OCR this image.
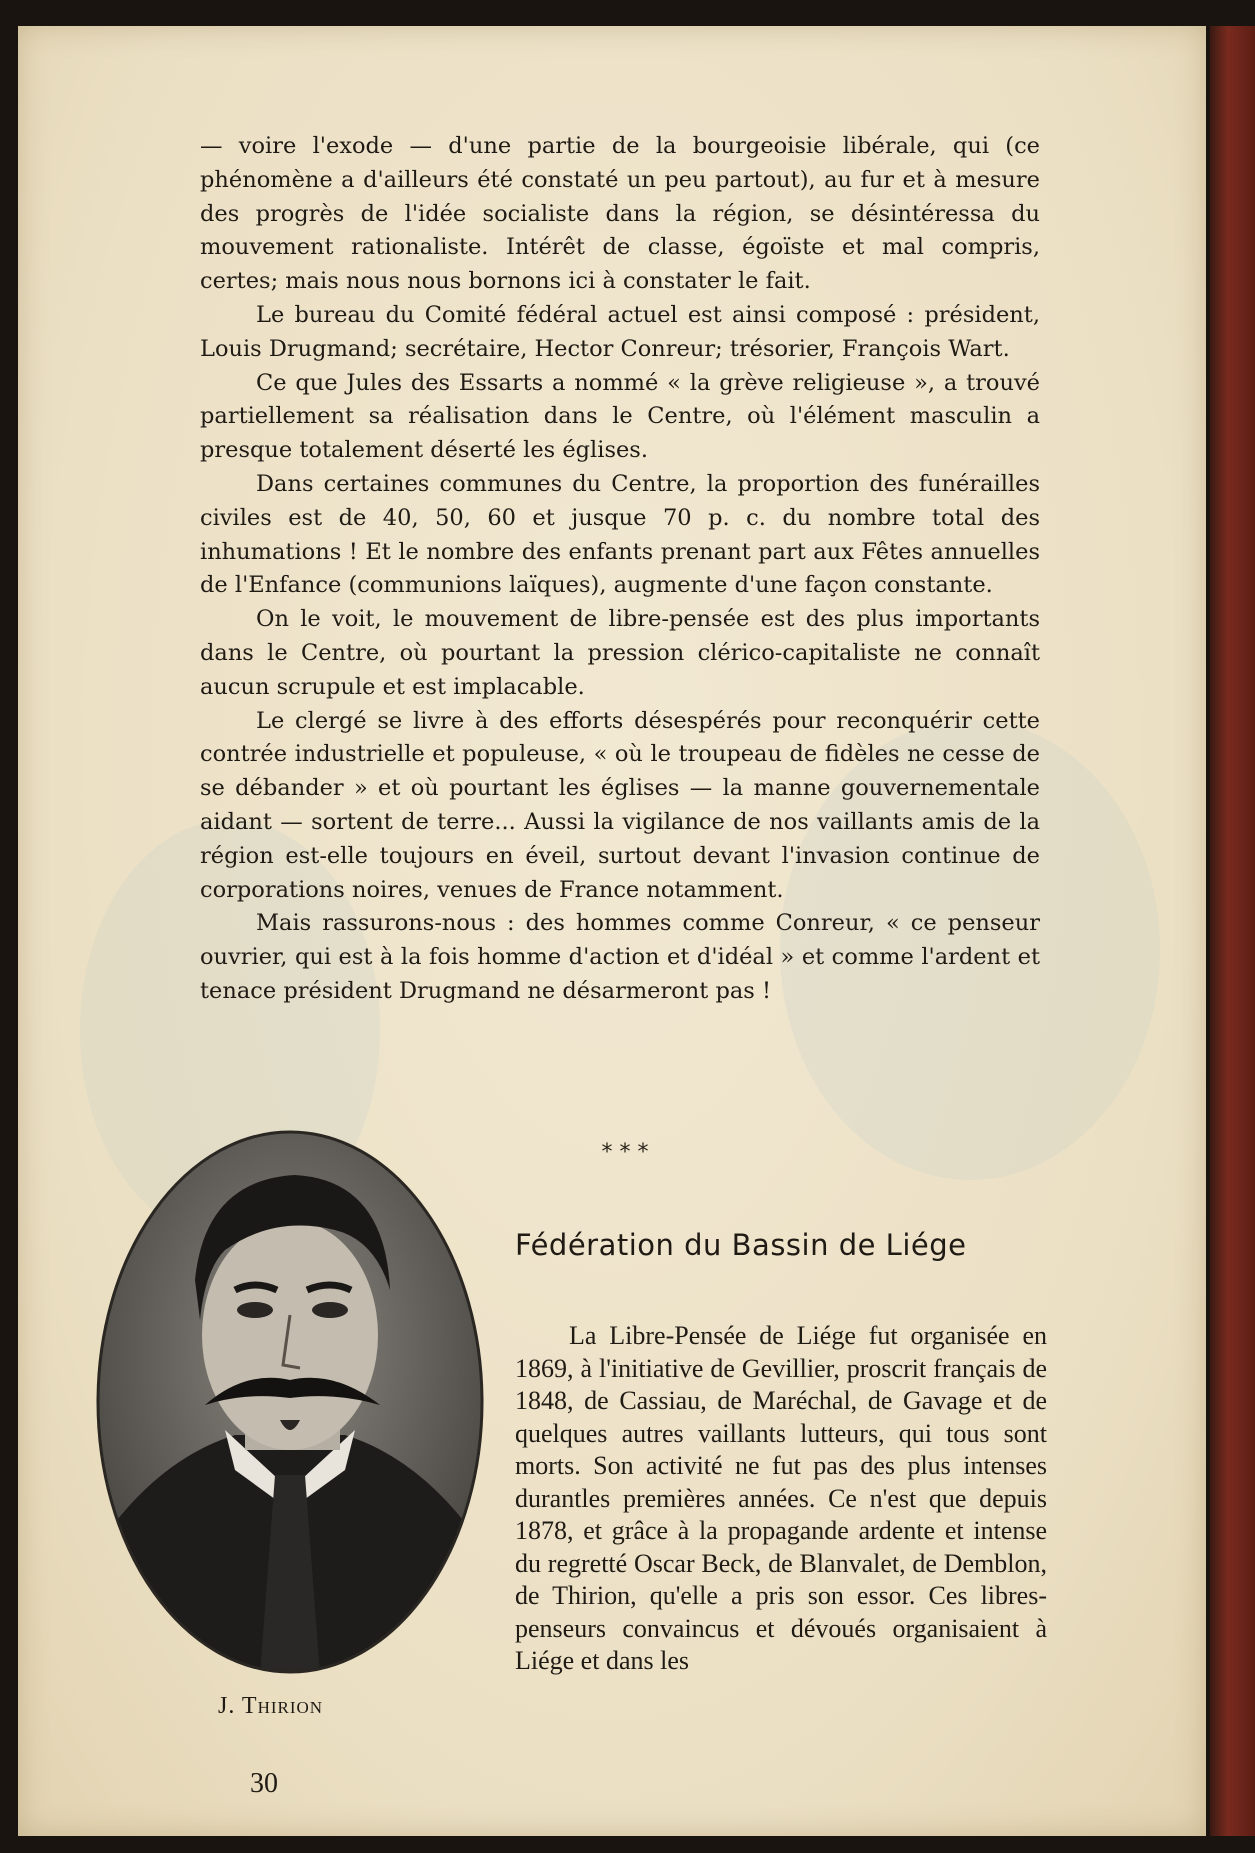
— voire l'exode — d'une partie de la bourgeoisie libérale, qui (ce phénomène a d'ailleurs été constaté un peu partout), au fur et à mesure des progrès de l'idée socialiste dans la région, se désintéressa du mouvement rationaliste. Intérêt de classe, égoïste et mal compris, certes; mais nous nous bornons ici à constater le fait.

Le bureau du Comité fédéral actuel est ainsi composé : président, Louis Drugmand; secrétaire, Hector Conreur; trésorier, François Wart.

Ce que Jules des Essarts a nommé « la grève religieuse », a trouvé partiellement sa réalisation dans le Centre, où l'élément masculin a presque totalement déserté les églises.

Dans certaines communes du Centre, la proportion des funérailles civiles est de 40, 50, 60 et jusque 70 p. c. du nombre total des inhumations ! Et le nombre des enfants prenant part aux Fêtes annuelles de l'Enfance (communions laïques), augmente d'une façon constante.

On le voit, le mouvement de libre-pensée est des plus importants dans le Centre, où pourtant la pression clérico-capitaliste ne connaît aucun scrupule et est implacable.

Le clergé se livre à des efforts désespérés pour reconquérir cette contrée industrielle et populeuse, « où le troupeau de fidèles ne cesse de se débander » et où pourtant les églises — la manne gouvernementale aidant — sortent de terre... Aussi la vigilance de nos vaillants amis de la région est-elle toujours en éveil, surtout devant l'invasion continue de corporations noires, venues de France notamment.

Mais rassurons-nous : des hommes comme Conreur, « ce penseur ouvrier, qui est à la fois homme d'action et d'idéal » et comme l'ardent et tenace président Drugmand ne désarmeront pas !

* * *
Fédération du Bassin de Liége

La Libre-Pensée de Liége fut organisée en 1869, à l'initiative de Gevillier, proscrit français de 1848, de Cassiau, de Maréchal, de Gavage et de quelques autres vaillants lutteurs, qui tous sont morts. Son activité ne fut pas des plus intenses durantles premières années. Ce n'est que depuis 1878, et grâce à la propagande ardente et intense du regretté Oscar Beck, de Blanvalet, de Demblon, de Thirion, qu'elle a pris son essor. Ces libres-penseurs convaincus et dévoués organisaient à Liége et dans les

J. Thirion
30
